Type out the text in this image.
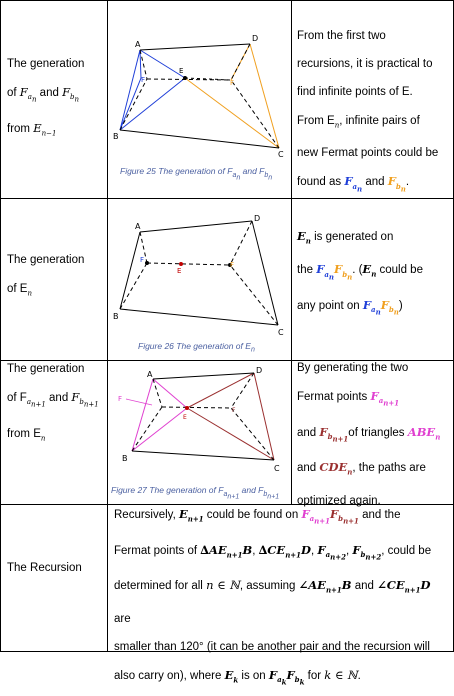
The generation
of $F_{a_n}$ and $F_{b_n}$
from $E_{n-1}$
A
D
B
C
E
F	F
Figure 25 The generation of $F_{a_n}$ and $F_{b_n}$
From the first two
recursions, it is practical to
find infinite points of E.
From $E_n$, infinite pairs of
new Fermat points could be
found as $F_{a_n}$ and $F_{b_n}$.
The generation
of $E_n$
A
D
B
C
E
F
F
Figure 26 The generation of $E_n$
$E_n$ is generated on
the $F_{a_n}F_{b_n}$. ($E_n$ could be
any point on $F_{a_n}F_{b_n}$)
The generation
of $F_{a_{n+1}}$ and $F_{b_{n+1}}$
from $E_n$
A	D
B
C
E
F
F
Figure 27 The generation of $F_{a_{n+1}}$ and $F_{b_{n+1}}$
By generating the two
Fermat points $F_{a_{n+1}}$
and $F_{b_{n+1}}of$ triangles $ABE_n$
and $CDE_n$, the paths are
optimized again.
The Recursion
Recursively, $E_{n+1}$ could be found on $F_{a_{n+1}}F_{b_{n+1}}$ and the
Fermat points of $\Delta AE_{n+1}B$, $\Delta CE_{n+1}D$, $F_{a_{n+2}}$, $F_{b_{n+2}}$, could be
determined for all n ∈ ℕ, assuming $\angle AE_{n+1}B$ and $\angle CE_{n+1}D$ are
smaller than 120° (it can be another pair and the recursion will
also carry on), where $E_k$ is on $F_{a_k}F_{b_k}$ for k ∈ ℕ.
